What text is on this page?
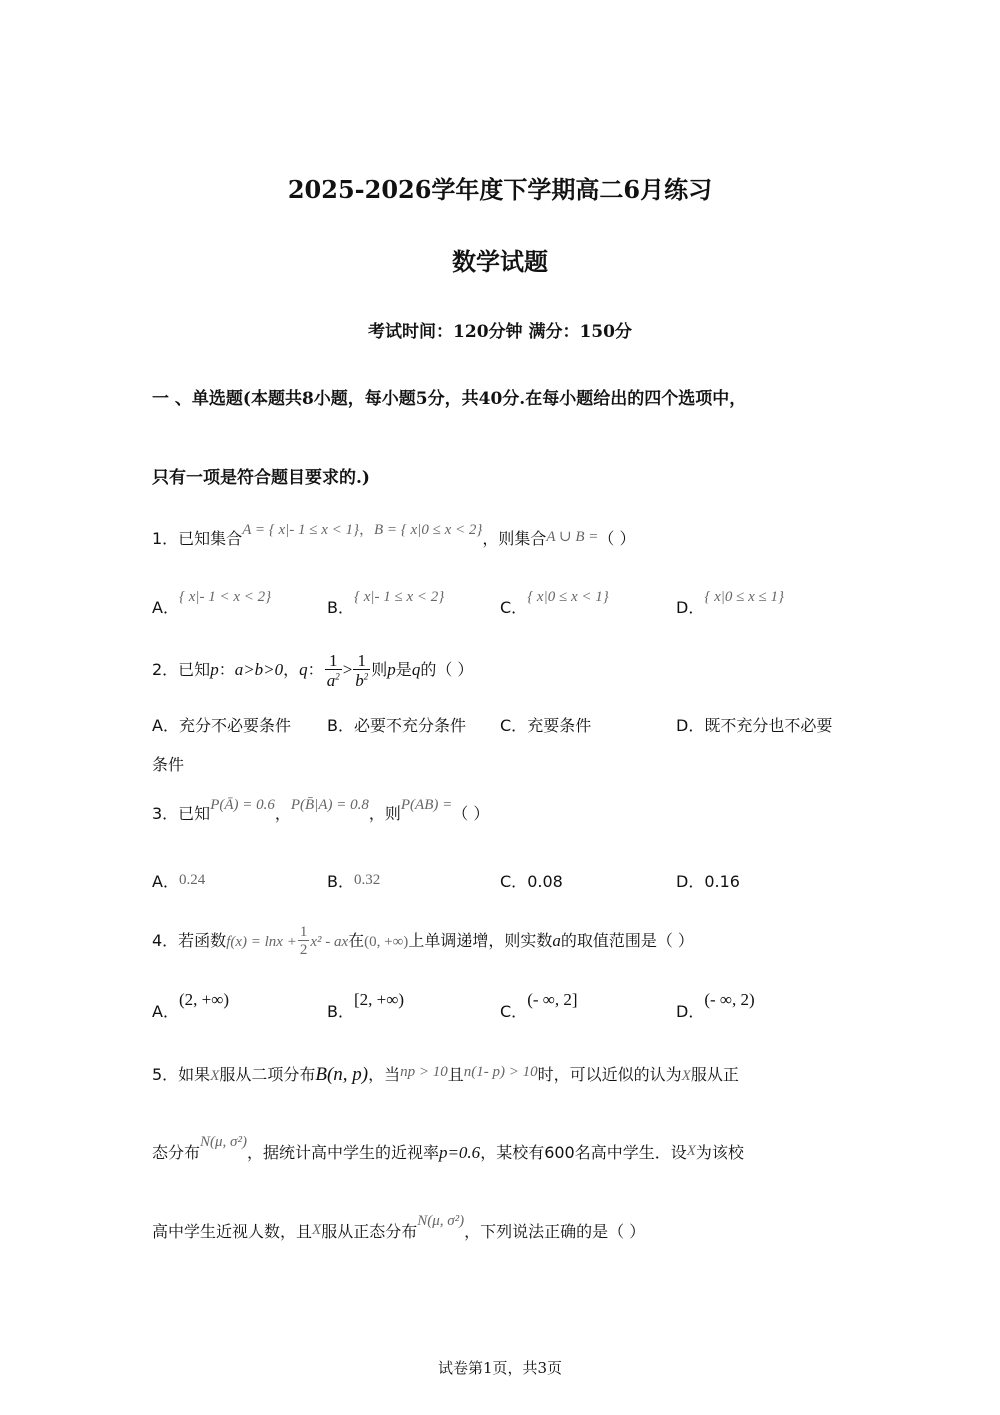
2025-2026学年度下学期高二6月练习
数学试题
考试时间：120分钟 满分：150分
一 、单选题(本题共8小题，每小题5分，共40分.在每小题给出的四个选项中，
只有一项是符合题目要求的.)
1．已知集合A = { x|- 1 ≤ x < 1}，B = { x|0 ≤ x < 2}，则集合A ∪ B =（ ）
A．{ x|- 1 < x < 2}
B．{ x|- 1 ≤ x < 2}
C．{ x|0 ≤ x < 1}
D．{ x|0 ≤ x ≤ 1}
2．已知p：a>b>0，q： $\frac{1}{a^2} > \frac{1}{b^2}$ 则p是q的（ ）
A．充分不必要条件 B．必要不充分条件 C．充要条件	D．既不充分也不必要
条件
3．已知P(Ā) = 0.6，P(B̄|A) = 0.8，则P(AB) =（ ）
A．0.24	B．0.32	C．0.08	D．0.16
4．若函数$f(x) = \ln x + \frac{1}{2} x^2$ - ax在(0, +∞)上单调递增，则实数a的取值范围是（ ）
A．(2, +∞)
B．[2, +∞)
C．(- ∞, 2]
D．(- ∞, 2)
5．如果X服从二项分布B(n, p)，当np > 10且n(1- p) > 10时，可以近似的认为X服从正
态分布N(μ, σ²)，据统计高中学生的近视率p=0.6，某校有600名高中学生．设X为该校
高中学生近视人数，且X服从正态分布N(μ, σ²)，下列说法正确的是（ ）
试卷第1页，共3页
